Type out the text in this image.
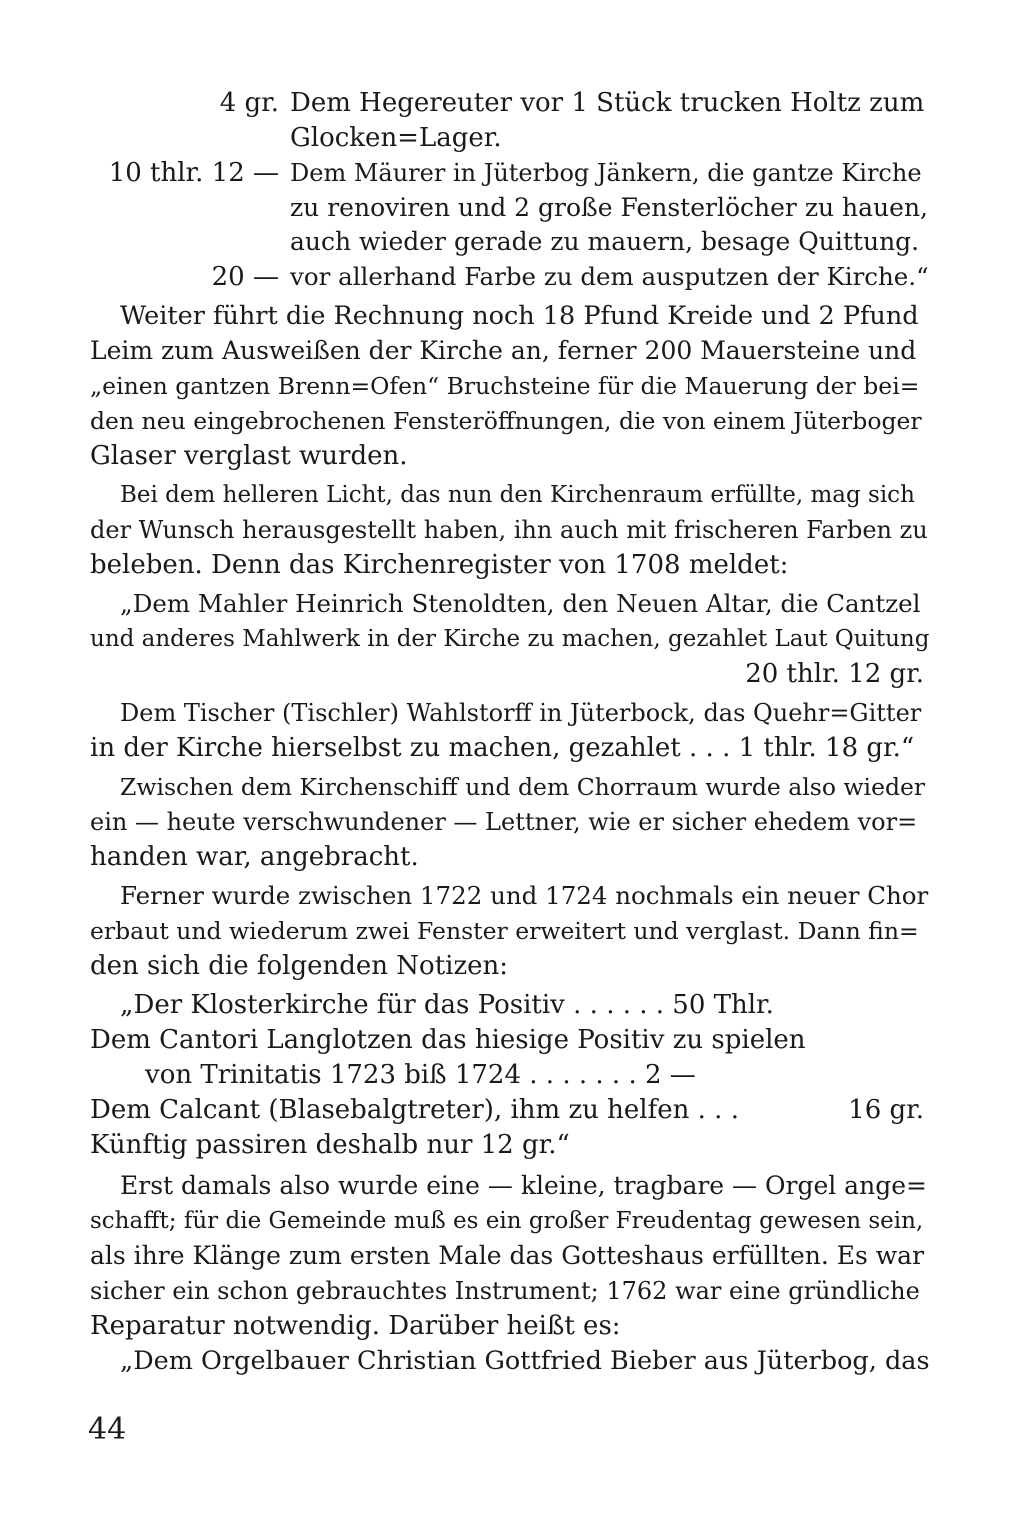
4 gr. Dem Hegereuter vor 1 Stück trucken Holtz zum
Glocken=Lager.
10 thlr. 12 — Dem Mäurer in Jüterbog Jänkern, die gantze Kirche
zu renoviren und 2 große Fensterlöcher zu hauen,
auch wieder gerade zu mauern, besage Quittung.
20 — vor allerhand Farbe zu dem ausputzen der Kirche.“
Weiter führt die Rechnung noch 18 Pfund Kreide und 2 Pfund
Leim zum Ausweißen der Kirche an, ferner 200 Mauersteine und
„einen gantzen Brenn=Ofen“ Bruchsteine für die Mauerung der bei=
den neu eingebrochenen Fensteröffnungen, die von einem Jüterboger
Glaser verglast wurden.
Bei dem helleren Licht, das nun den Kirchenraum erfüllte, mag sich
der Wunsch herausgestellt haben, ihn auch mit frischeren Farben zu
beleben. Denn das Kirchenregister von 1708 meldet:
„Dem Mahler Heinrich Stenoldten, den Neuen Altar, die Cantzel
und anderes Mahlwerk in der Kirche zu machen, gezahlet Laut Quitung
20 thlr. 12 gr.
Dem Tischer (Tischler) Wahlstorff in Jüterbock, das Quehr=Gitter
in der Kirche hierselbst zu machen, gezahlet . . . 1 thlr. 18 gr.“
Zwischen dem Kirchenschiff und dem Chorraum wurde also wieder
ein — heute verschwundener — Lettner, wie er sicher ehedem vor=
handen war, angebracht.
Ferner wurde zwischen 1722 und 1724 nochmals ein neuer Chor
erbaut und wiederum zwei Fenster erweitert und verglast. Dann fin=
den sich die folgenden Notizen:
„Der Klosterkirche für das Positiv . . . . . . 50 Thlr.
Dem Cantori Langlotzen das hiesige Positiv zu spielen
von Trinitatis 1723 biß 1724 . . . . . . . 2 —
Dem Calcant (Blasebalgtreter), ihm zu helfen . . .	16 gr.
Künftig passiren deshalb nur 12 gr.“
Erst damals also wurde eine — kleine, tragbare — Orgel ange=
schafft; für die Gemeinde muß es ein großer Freudentag gewesen sein,
als ihre Klänge zum ersten Male das Gotteshaus erfüllten. Es war
sicher ein schon gebrauchtes Instrument; 1762 war eine gründliche
Reparatur notwendig. Darüber heißt es:
„Dem Orgelbauer Christian Gottfried Bieber aus Jüterbog, das
44
